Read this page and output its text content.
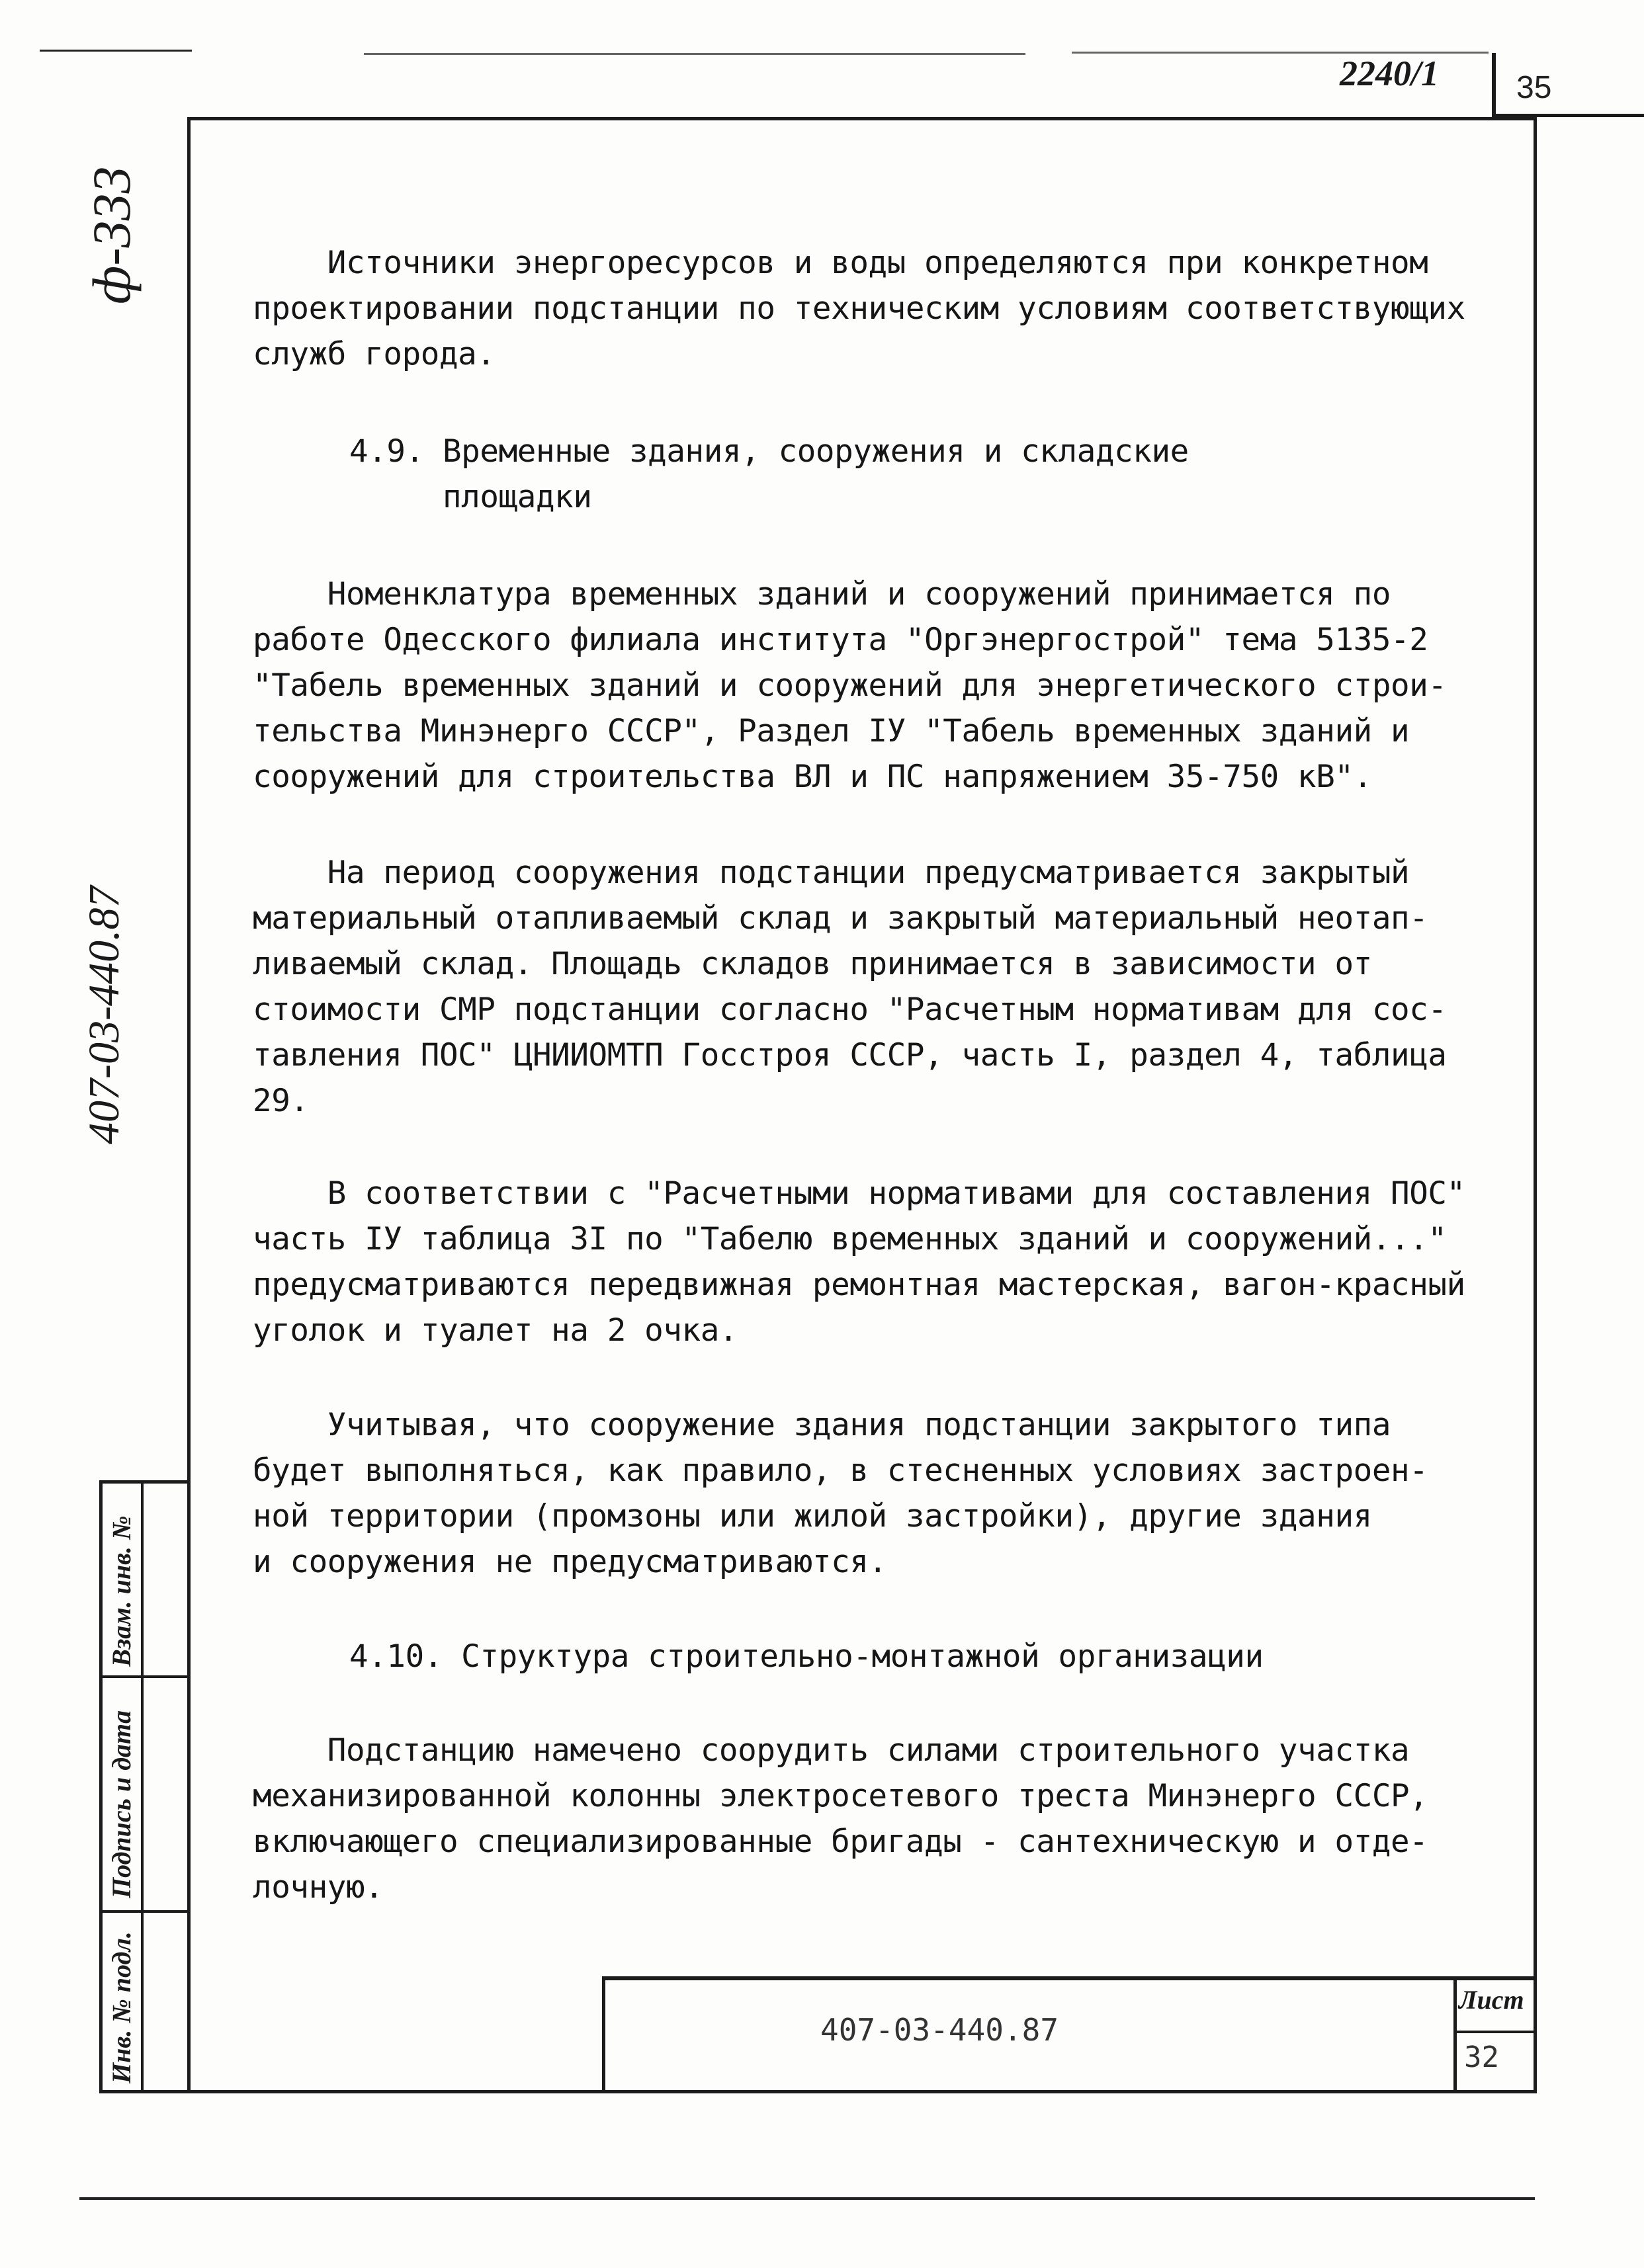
35
2240/1
ф-333
407-03-440.87
Источники энергоресурсов и воды определяются при конкретном
проектировании подстанции по техническим условиям соответствующих
служб города.
4.9. Временные здания, сооружения и складские
площадки
Номенклатура временных зданий и сооружений принимается по
работе Одесского филиала института "Оргэнергострой" тема 5135-2
"Табель временных зданий и сооружений для энергетического строи-
тельства Минэнерго СССР", Раздел IУ "Табель временных зданий и
сооружений для строительства ВЛ и ПС напряжением 35-750 кВ".
На период сооружения подстанции предусматривается закрытый
материальный отапливаемый склад и закрытый материальный неотап-
ливаемый склад. Площадь складов принимается в зависимости от
стоимости СМР подстанции согласно "Расчетным нормативам для сос-
тавления ПОС" ЦНИИОМТП Госстроя СССР, часть I, раздел 4, таблица
29.
В соответствии с "Расчетными нормативами для составления ПОС"
часть IУ таблица 3I по "Табелю временных зданий и сооружений..."
предусматриваются передвижная ремонтная мастерская, вагон-красный
уголок и туалет на 2 очка.
Учитывая, что сооружение здания подстанции закрытого типа
будет выполняться, как правило, в стесненных условиях застроен-
ной территории (промзоны или жилой застройки), другие здания
и сооружения не предусматриваются.
4.10. Структура строительно-монтажной организации
Подстанцию намечено соорудить силами строительного участка
механизированной колонны электросетевого треста Минэнерго СССР,
включающего специализированные бригады - сантехническую и отде-
лочную.
Взам. инв. №
Подпись и дата
Инв. № подл.	407-03-440.87
Лист
32
